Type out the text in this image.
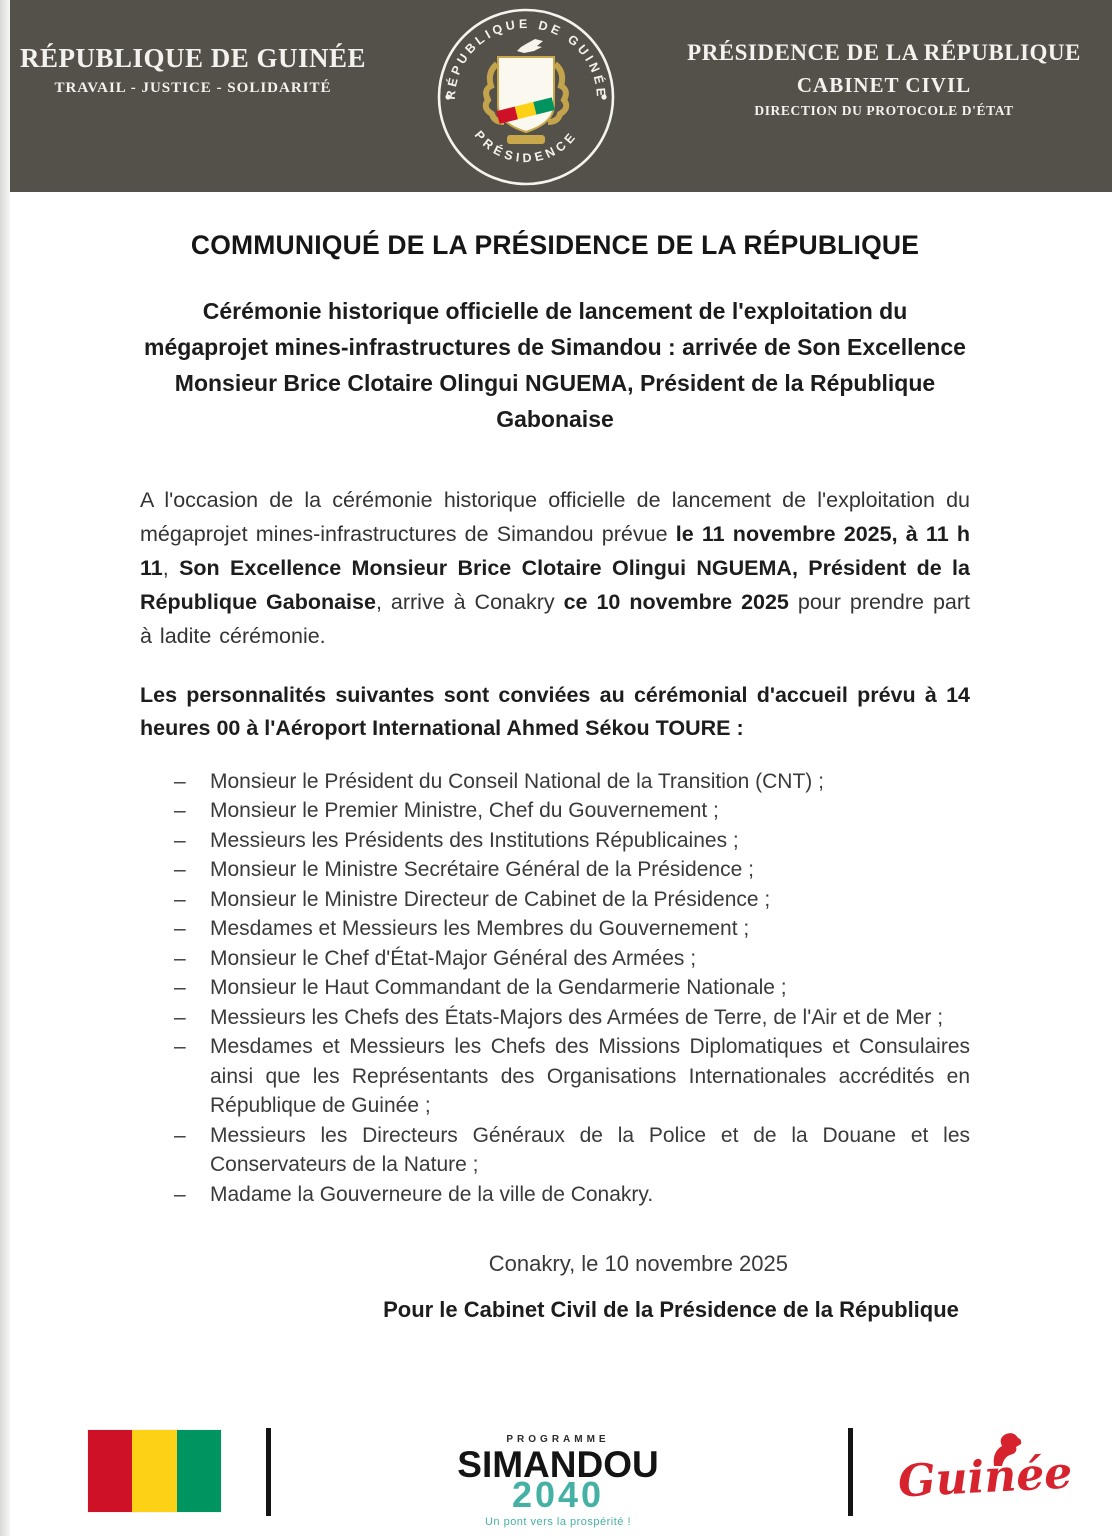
RÉPUBLIQUE DE GUINÉE
TRAVAIL - JUSTICE - SOLIDARITÉ	RÉPUBLIQUE DE GUINÉE
PRÉSIDENCE
PRÉSIDENCE DE LA RÉPUBLIQUE
CABINET CIVIL
DIRECTION DU PROTOCOLE D'ÉTAT
COMMUNIQUÉ DE LA PRÉSIDENCE DE LA RÉPUBLIQUE
Cérémonie historique officielle de lancement de l'exploitation du mégaprojet mines-infrastructures de Simandou : arrivée de Son Excellence Monsieur Brice Clotaire Olingui NGUEMA, Président de la République Gabonaise

A l'occasion de la cérémonie historique officielle de lancement de l'exploitation du mégaprojet mines-infrastructures de Simandou prévue le 11 novembre 2025, à 11 h 11, Son Excellence Monsieur Brice Clotaire Olingui NGUEMA, Président de la République Gabonaise, arrive à Conakry ce 10 novembre 2025 pour prendre part à ladite cérémonie.

Les personnalités suivantes sont conviées au cérémonial d'accueil prévu à 14 heures 00 à l'Aéroport International Ahmed Sékou TOURE :

– Monsieur le Président du Conseil National de la Transition (CNT) ;
– Monsieur le Premier Ministre, Chef du Gouvernement ;
– Messieurs les Présidents des Institutions Républicaines ;
– Monsieur le Ministre Secrétaire Général de la Présidence ;
– Monsieur le Ministre Directeur de Cabinet de la Présidence ;
– Mesdames et Messieurs les Membres du Gouvernement ;
– Monsieur le Chef d'État-Major Général des Armées ;
– Monsieur le Haut Commandant de la Gendarmerie Nationale ;
– Messieurs les Chefs des États-Majors des Armées de Terre, de l'Air et de Mer ;
– Mesdames et Messieurs les Chefs des Missions Diplomatiques et Consulaires ainsi que les Représentants des Organisations Internationales accrédités en République de Guinée ;
– Messieurs les Directeurs Généraux de la Police et de la Douane et les Conservateurs de la Nature ;
– Madame la Gouverneure de la ville de Conakry.
Conakry, le 10 novembre 2025
Pour le Cabinet Civil de la Présidence de la République
PROGRAMME
SIMANDOU
2040
Un pont vers la prospérité !
Guinée
